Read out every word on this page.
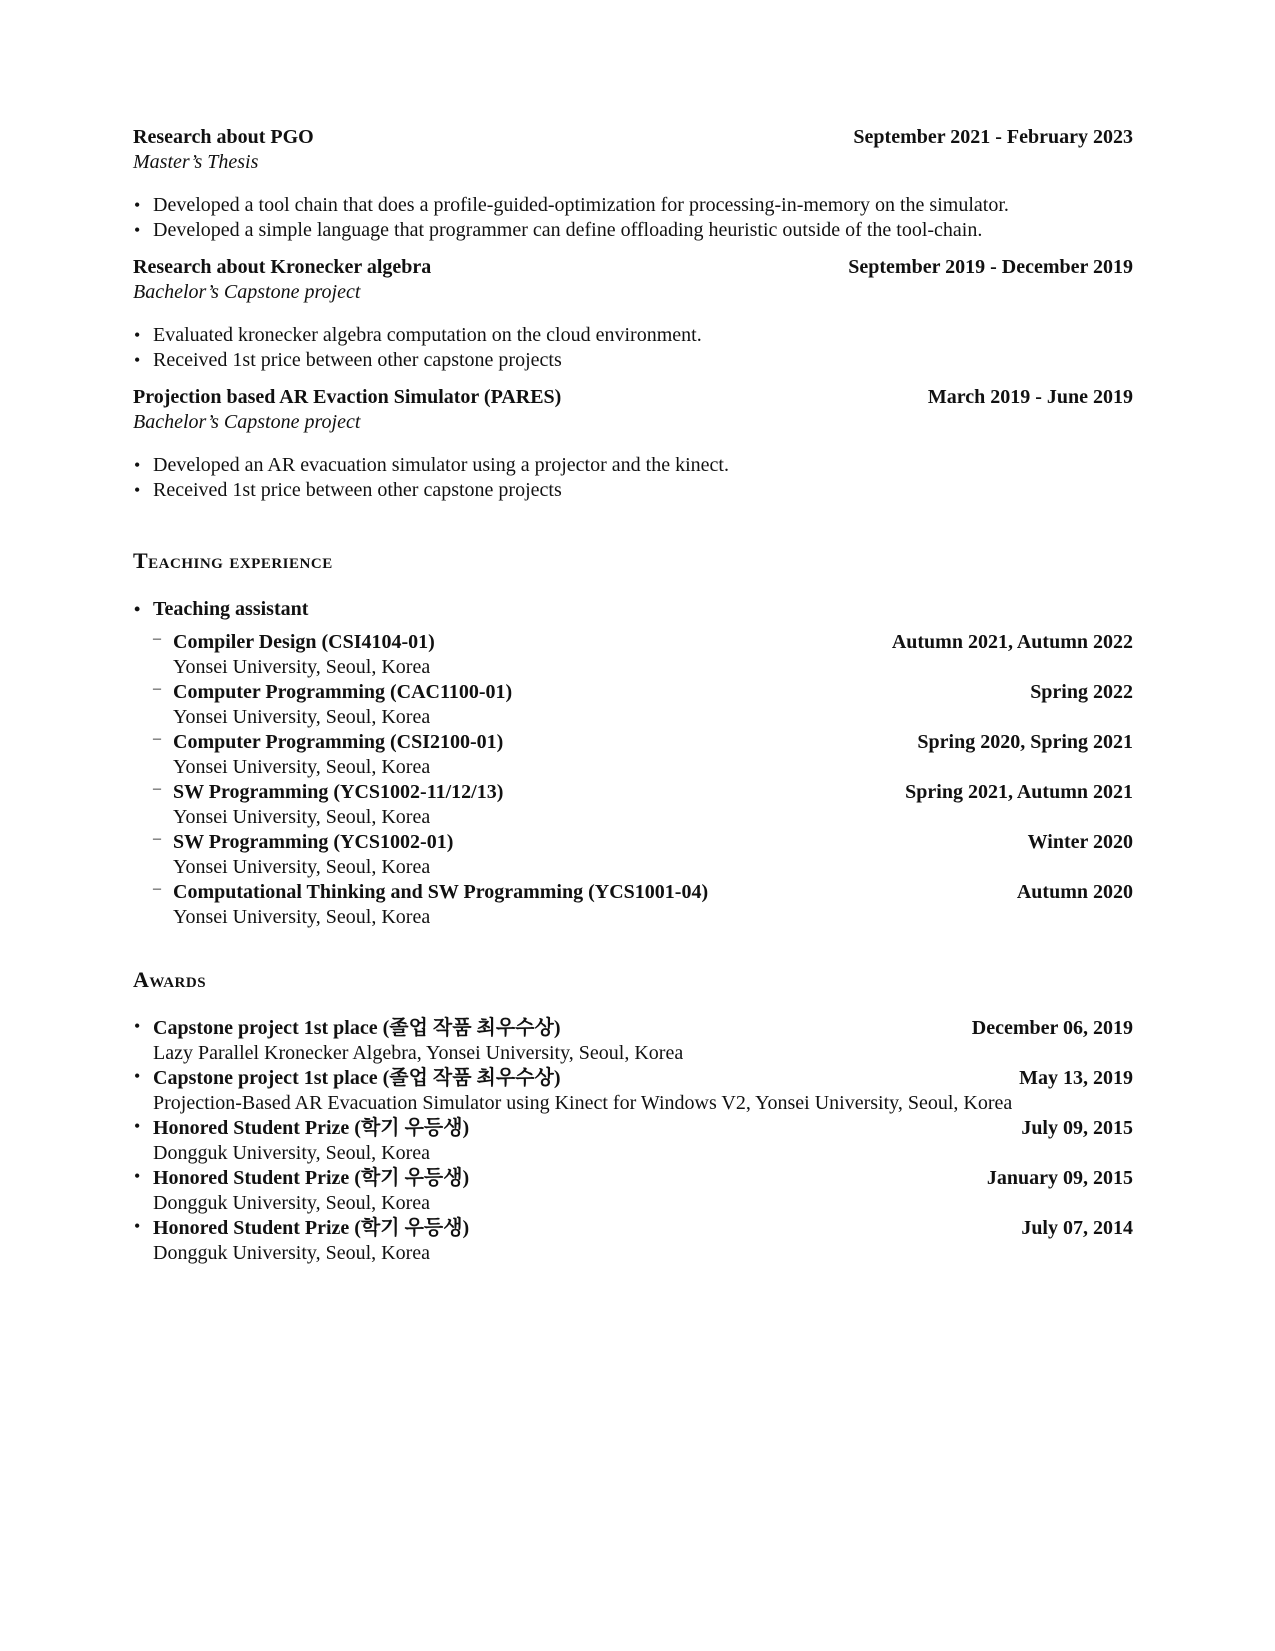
Research about PGO	September 2021 - February 2023
Master’s Thesis
• Developed a tool chain that does a profile-guided-optimization for processing-in-memory on the simulator.
• Developed a simple language that programmer can define offloading heuristic outside of the tool-chain.
Research about Kronecker algebra	September 2019 - December 2019
Bachelor’s Capstone project
• Evaluated kronecker algebra computation on the cloud environment.
• Received 1st price between other capstone projects
Projection based AR Evaction Simulator (PARES)	March 2019 - June 2019
Bachelor’s Capstone project
• Developed an AR evacuation simulator using a projector and the kinect.
• Received 1st price between other capstone projects
Teaching experience
• Teaching assistant
– Compiler Design (CSI4104-01)	Autumn 2021, Autumn 2022
Yonsei University, Seoul, Korea
– Computer Programming (CAC1100-01)	Spring 2022
Yonsei University, Seoul, Korea
– Computer Programming (CSI2100-01)	Spring 2020, Spring 2021
Yonsei University, Seoul, Korea
– SW Programming (YCS1002-11/12/13)	Spring 2021, Autumn 2021
Yonsei University, Seoul, Korea
– SW Programming (YCS1002-01)	Winter 2020
Yonsei University, Seoul, Korea
– Computational Thinking and SW Programming (YCS1001-04)	Autumn 2020
Yonsei University, Seoul, Korea
Awards
• Capstone project 1st place (졸업 작품 최우수상)	December 06, 2019
Lazy Parallel Kronecker Algebra, Yonsei University, Seoul, Korea
• Capstone project 1st place (졸업 작품 최우수상)	May 13, 2019
Projection-Based AR Evacuation Simulator using Kinect for Windows V2, Yonsei University, Seoul, Korea
• Honored Student Prize (학기 우등생)	July 09, 2015
Dongguk University, Seoul, Korea
• Honored Student Prize (학기 우등생)	January 09, 2015
Dongguk University, Seoul, Korea
• Honored Student Prize (학기 우등생)	July 07, 2014
Dongguk University, Seoul, Korea
